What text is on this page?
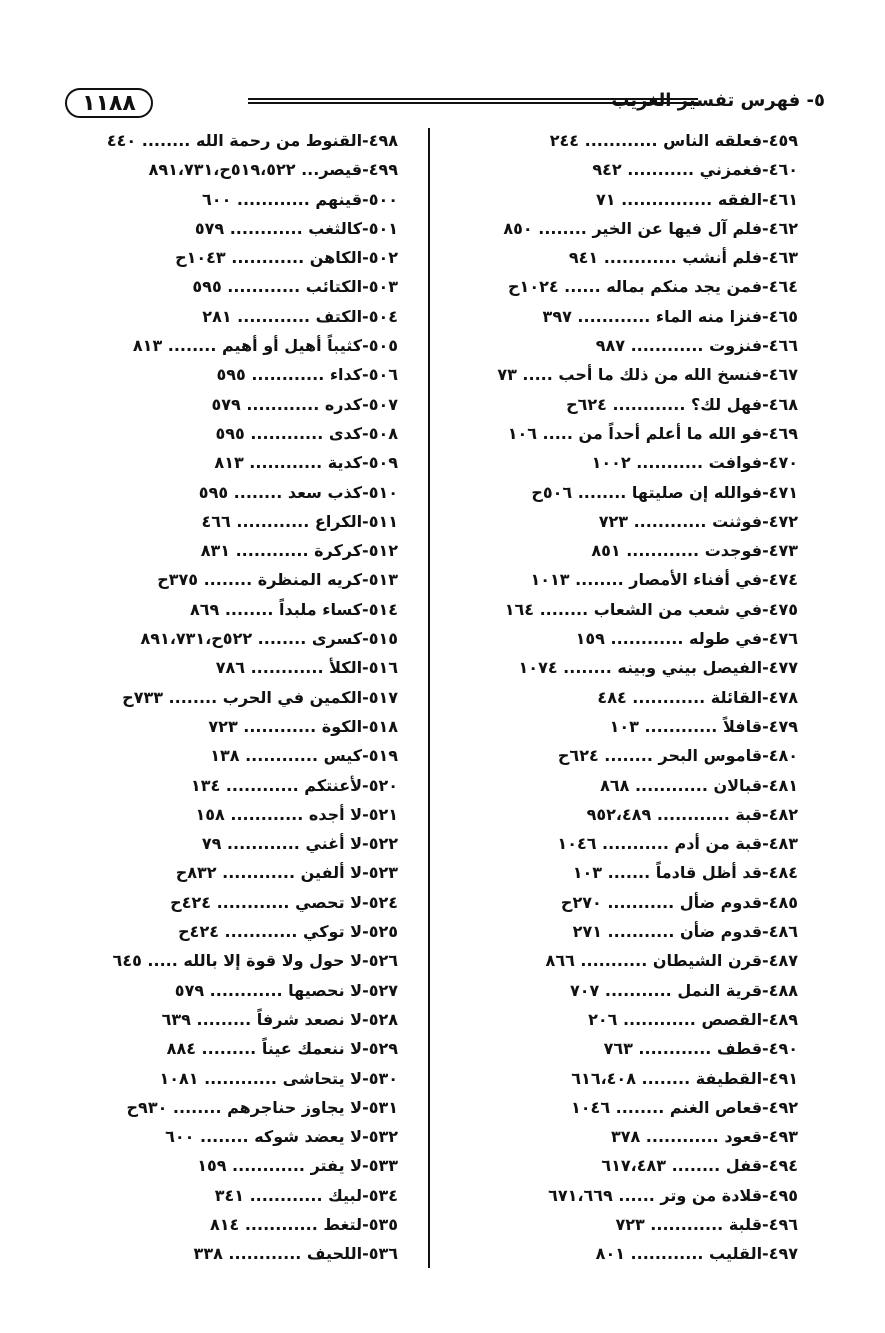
١١٨٨	٥- فهرس تفسير الغريب
٤٥٩-فعلقه الناس ............ ٢٤٤
٤٦٠-فغمزني ........... ٩٤٢
٤٦١-الفقه ............... ٧١
٤٦٢-فلم آل فيها عن الخير ........ ٨٥٠
٤٦٣-فلم أنشب ............ ٩٤١
٤٦٤-فمن يجد منكم بماله ...... ١٠٢٤ح
٤٦٥-فنزا منه الماء ............ ٣٩٧
٤٦٦-فنزوت ............ ٩٨٧
٤٦٧-فنسخ الله من ذلك ما أحب ..... ٧٣
٤٦٨-فهل لك؟ ............ ٦٢٤ح
٤٦٩-فو الله ما أعلم أحداً من ..... ١٠٦
٤٧٠-فوافت ........... ١٠٠٢
٤٧١-فوالله إن صليتها ........ ٥٠٦ح
٤٧٢-فوثنت ............ ٧٢٣
٤٧٣-فوجدت ............ ٨٥١
٤٧٤-في أفناء الأمصار ........ ١٠١٣
٤٧٥-في شعب من الشعاب ........ ١٦٤
٤٧٦-في طوله ............ ١٥٩
٤٧٧-الفيصل بيني وبينه ........ ١٠٧٤
٤٧٨-القائلة ............ ٤٨٤
٤٧٩-قافلاً ............ ١٠٣
٤٨٠-قاموس البحر ........ ٦٢٤ح
٤٨١-قبالان ............ ٨٦٨
٤٨٢-قبة ............ ٩٥٢،٤٨٩
٤٨٣-قبة من أدم ........... ١٠٤٦
٤٨٤-قد أظل قادماً ....... ١٠٣
٤٨٥-قدوم ضأل ........... ٢٧٠ح
٤٨٦-قدوم ضأن ........... ٢٧١
٤٨٧-قرن الشيطان ........... ٨٦٦
٤٨٨-قرية النمل ........... ٧٠٧
٤٨٩-القصص ............ ٢٠٦
٤٩٠-قطف ............ ٧٦٣
٤٩١-القطيفة ........ ٦١٦،٤٠٨
٤٩٢-قعاص الغنم ........ ١٠٤٦
٤٩٣-قعود ............ ٣٧٨
٤٩٤-قفل ........ ٦١٧،٤٨٣
٤٩٥-قلادة من وتر ...... ٦٧١،٦٦٩
٤٩٦-قلبة ............ ٧٢٣
٤٩٧-القليب ............ ٨٠١
٤٩٨-القنوط من رحمة الله ........ ٤٤٠
٤٩٩-قيصر... ٥١٩،٥٢٢ح،٨٩١،٧٣١
٥٠٠-قينهم ............ ٦٠٠
٥٠١-كالثغب ............ ٥٧٩
٥٠٢-الكاهن ............ ١٠٤٣ح
٥٠٣-الكتائب ............ ٥٩٥
٥٠٤-الكتف ............ ٢٨١
٥٠٥-كثيباً أهيل أو أهيم ........ ٨١٣
٥٠٦-كداء ............ ٥٩٥
٥٠٧-كدره ............ ٥٧٩
٥٠٨-كدى ............ ٥٩٥
٥٠٩-كدية ............ ٨١٣
٥١٠-كذب سعد ........ ٥٩٥
٥١١-الكراع ............ ٤٦٦
٥١٢-كركرة ............ ٨٣١
٥١٣-كريه المنظرة ........ ٣٧٥ح
٥١٤-كساء ملبداً ........ ٨٦٩
٥١٥-كسرى ........ ٥٢٢ح،٨٩١،٧٣١
٥١٦-الكلأ ............ ٧٨٦
٥١٧-الكمين في الحرب ........ ٧٣٣ح
٥١٨-الكوة ............ ٧٢٣
٥١٩-كيس ............ ١٣٨
٥٢٠-لأعنتكم ............ ١٣٤
٥٢١-لا أجده ............ ١٥٨
٥٢٢-لا أغني ............ ٧٩
٥٢٣-لا ألفين ............ ٨٣٢ح
٥٢٤-لا تحصي ............ ٤٢٤ح
٥٢٥-لا توكي ............ ٤٢٤ح
٥٢٦-لا حول ولا قوة إلا بالله ..... ٦٤٥
٥٢٧-لا نحصيها ............ ٥٧٩
٥٢٨-لا نصعد شرفاً ......... ٦٣٩
٥٢٩-لا ننعمك عيناً ......... ٨٨٤
٥٣٠-لا يتحاشى ............ ١٠٨١
٥٣١-لا يجاوز حناجرهم ........ ٩٣٠ح
٥٣٢-لا يعضد شوكه ........ ٦٠٠
٥٣٣-لا يفتر ............ ١٥٩
٥٣٤-لبيك ............ ٣٤١
٥٣٥-لتغط ............ ٨١٤
٥٣٦-اللحيف ............ ٣٣٨
